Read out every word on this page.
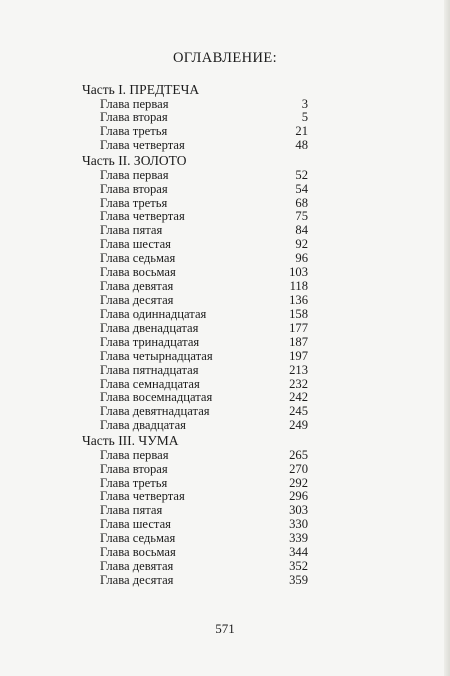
ОГЛАВЛЕНИЕ:
Часть I. ПРЕДТЕЧА
Глава первая	3
Глава вторая	5
Глава третья	21
Глава четвертая	48
Часть II. ЗОЛОТО
Глава первая	52
Глава вторая	54
Глава третья	68
Глава четвертая	75
Глава пятая	84
Глава шестая	92
Глава седьмая	96
Глава восьмая	103
Глава девятая	118
Глава десятая	136
Глава одиннадцатая	158
Глава двенадцатая	177
Глава тринадцатая	187
Глава четырнадцатая	197
Глава пятнадцатая	213
Глава семнадцатая	232
Глава восемнадцатая	242
Глава девятнадцатая	245
Глава двадцатая	249
Часть III. ЧУМА
Глава первая	265
Глава вторая	270
Глава третья	292
Глава четвертая	296
Глава пятая	303
Глава шестая	330
Глава седьмая	339
Глава восьмая	344
Глава девятая	352
Глава десятая	359
571
